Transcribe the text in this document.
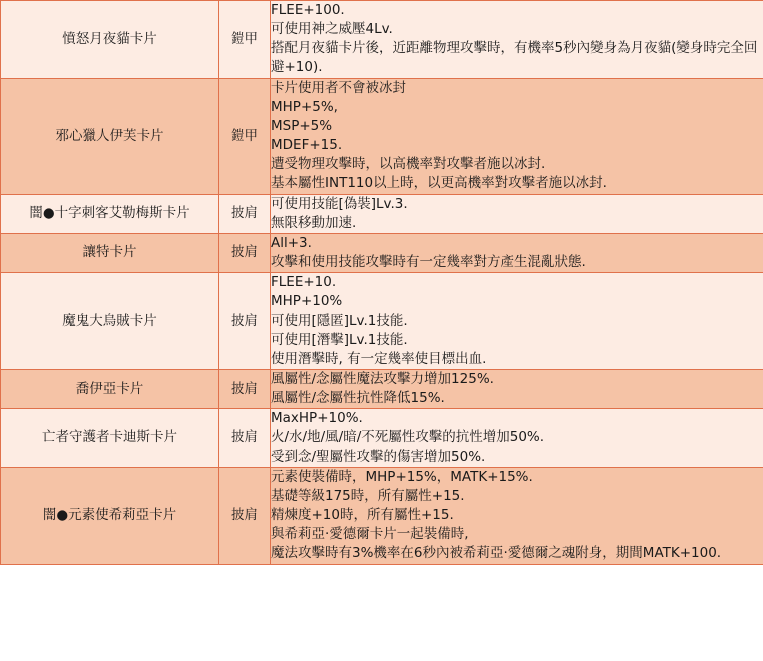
憤怒月夜貓卡片	鎧甲	FLEE+100.
可使用神之威壓4Lv.
搭配月夜貓卡片後，近距離物理攻擊時，有機率5秒內變身為月夜貓(變身時完全回避+10).

邪心獵人伊芙卡片	鎧甲	
卡片使用者不會被冰封
MHP+5%,
MSP+5%
MDEF+15.
遭受物理攻擊時，以高機率對攻擊者施以冰封.
基本屬性INT110以上時，以更高機率對攻擊者施以冰封.

闇●十字刺客艾勒梅斯卡片	披肩	可使用技能[偽裝]Lv.3.
無限移動加速.

讓特卡片	披肩	All+3.
攻擊和使用技能攻擊時有一定幾率對方產生混亂狀態.

魔鬼大烏賊卡片	披肩	FLEE+10.
MHP+10%
可使用[隱匿]Lv.1技能.
可使用[潛擊]Lv.1技能.
使用潛擊時, 有一定幾率使目標出血.

喬伊亞卡片	披肩	風屬性/念屬性魔法攻擊力增加125%.
風屬性/念屬性抗性降低15%.

亡者守護者卡迪斯卡片	披肩	MaxHP+10%.
火/水/地/風/暗/不死屬性攻擊的抗性增加50%.
受到念/聖屬性攻擊的傷害增加50%.

闇●元素使希莉亞卡片	披肩	元素使裝備時，MHP+15%，MATK+15%.
基礎等級175時，所有屬性+15.
精煉度+10時，所有屬性+15.
與希莉亞·愛德爾卡片一起裝備時,
魔法攻擊時有3%機率在6秒內被希莉亞·愛德爾之魂附身，期間MATK+100.
